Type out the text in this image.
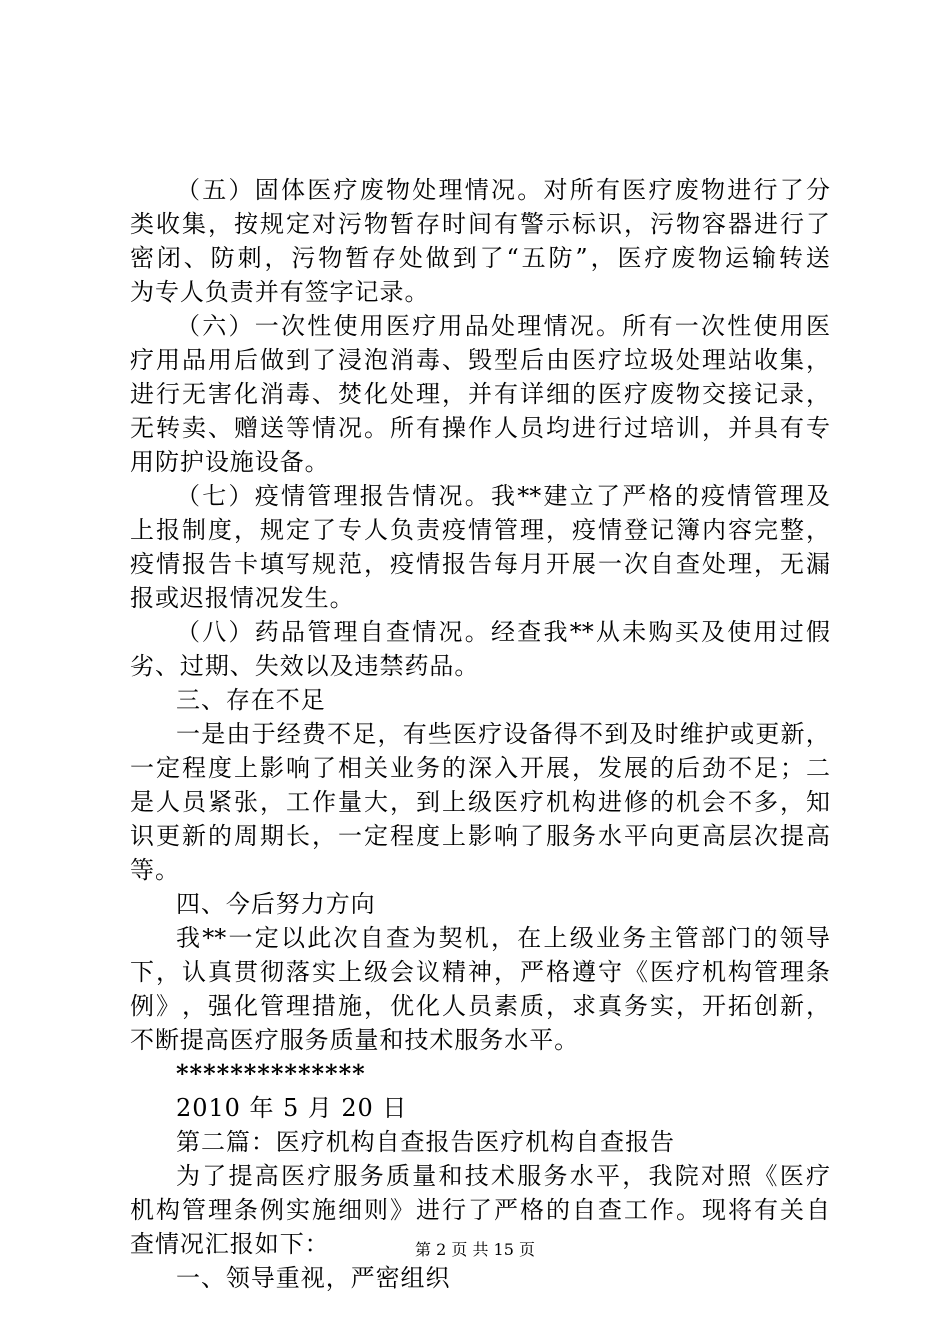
（ 五 ） 固 体 医 疗 废 物 处 理 情 况 。 对 所 有 医 疗 废 物 进 行 了 分
类 收 集 ， 按 规 定 对 污 物 暂 存 时 间 有 警 示 标 识 ， 污 物 容 器 进 行 了
密 闭 、 防 刺 ， 污 物 暂 存 处 做 到 了 “ 五 防 ” ， 医 疗 废 物 运 输 转 送
为专人负责并有签字记录。
（ 六 ） 一 次 性 使 用 医 疗 用 品 处 理 情 况 。 所 有 一 次 性 使 用 医
疗 用 品 用 后 做 到 了 浸 泡 消 毒 、 毁 型 后 由 医 疗 垃 圾 处 理 站 收 集 ，
进 行 无 害 化 消 毒 、 焚 化 处 理 ， 并 有 详 细 的 医 疗 废 物 交 接 记 录 ，
无 转 卖 、 赠 送 等 情 况 。 所 有 操 作 人 员 均 进 行 过 培 训 ， 并 具 有 专
用防护设施设备。
（ 七 ） 疫 情 管 理 报 告 情 况 。 我 ** 建 立 了 严 格 的 疫 情 管 理 及
上 报 制 度 ， 规 定 了 专 人 负 责 疫 情 管 理 ， 疫 情 登 记 簿 内 容 完 整 ，
疫 情 报 告 卡 填 写 规 范 ， 疫 情 报 告 每 月 开 展 一 次 自 查 处 理 ， 无 漏
报或迟报情况发生。
（ 八 ） 药 品 管 理 自 查 情 况 。 经 查 我 ** 从 未 购 买 及 使 用 过 假
劣、过期、失效以及违禁药品。
三、存在不足
一 是 由 于 经 费 不 足 ， 有 些 医 疗 设 备 得 不 到 及 时 维 护 或 更 新 ，
一 定 程 度 上 影 响 了 相 关 业 务 的 深 入 开 展 ， 发 展 的 后 劲 不 足 ； 二
是 人 员 紧 张 ， 工 作 量 大 ， 到 上 级 医 疗 机 构 进 修 的 机 会 不 多 ， 知
识 更 新 的 周 期 长 ， 一 定 程 度 上 影 响 了 服 务 水 平 向 更 高 层 次 提 高
等。
四、今后努力方向
我 ** 一 定 以 此 次 自 查 为 契 机 ， 在 上 级 业 务 主 管 部 门 的 领 导
下 ， 认 真 贯 彻 落 实 上 级 会 议 精 神 ， 严 格 遵 守 《 医 疗 机 构 管 理 条
例 》 ， 强 化 管 理 措 施 ， 优 化 人 员 素 质 ， 求 真 务 实 ， 开 拓 创 新 ，
不断提高医疗服务质量和技术服务水平。
**************
2010 年 5 月 20 日
第二篇：医疗机构自查报告医疗机构自查报告
为 了 提 高 医 疗 服 务 质 量 和 技 术 服 务 水 平 ， 我 院 对 照 《 医 疗
机 构 管 理 条 例 实 施 细 则 》 进 行 了 严 格 的 自 查 工 作 。 现 将 有 关 自
查情况汇报如下：
一、领导重视，严密组织
第 2 页 共 15 页
